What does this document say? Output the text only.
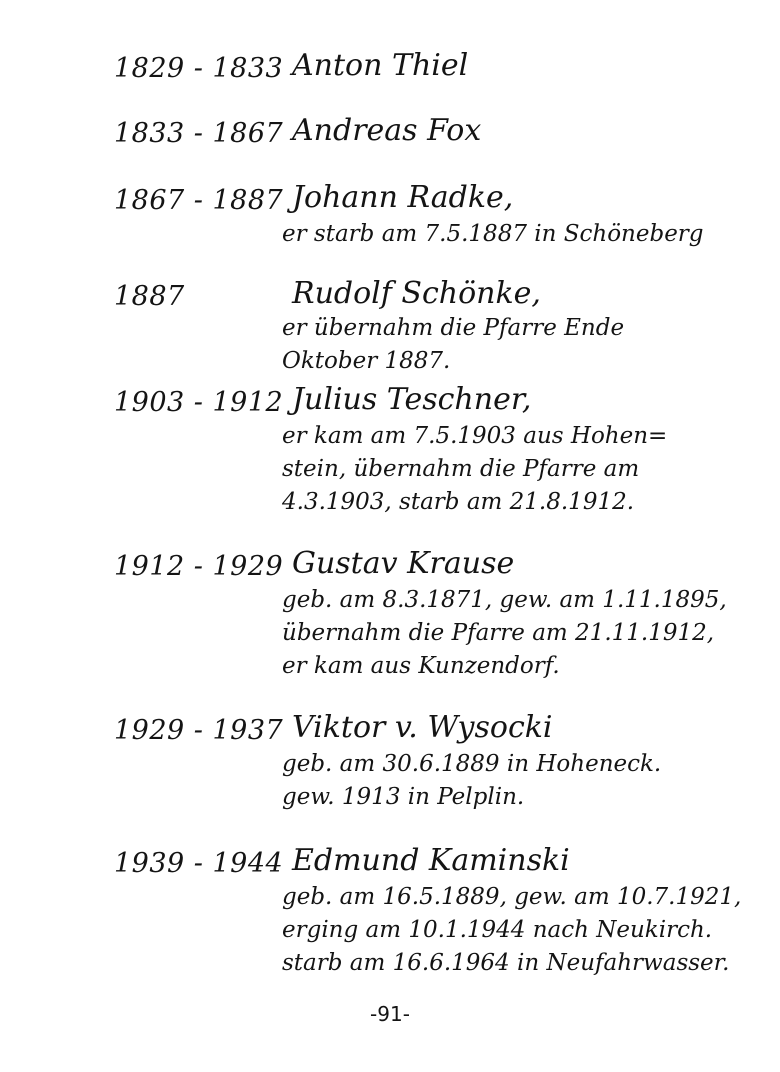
1829 - 1833 Anton Thiel
1833 - 1867 Andreas Fox
1867 - 1887 Johann Radke,
er starb am 7.5.1887 in Schöneberg
1887	Rudolf Schönke,
er übernahm die Pfarre Ende
Oktober 1887.
1903 - 1912 Julius Teschner,
er kam am 7.5.1903 aus Hohen=
stein, übernahm die Pfarre am
4.3.1903, starb am 21.8.1912.
1912 - 1929 Gustav Krause
geb. am 8.3.1871, gew. am 1.11.1895,
übernahm die Pfarre am 21.11.1912,
er kam aus Kunzendorf.
1929 - 1937 Viktor v. Wysocki
geb. am 30.6.1889 in Hoheneck.
gew. 1913 in Pelplin.
1939 - 1944 Edmund Kaminski
geb. am 16.5.1889, gew. am 10.7.1921,
erging am 10.1.1944 nach Neukirch.
starb am 16.6.1964 in Neufahrwasser.
-91-
